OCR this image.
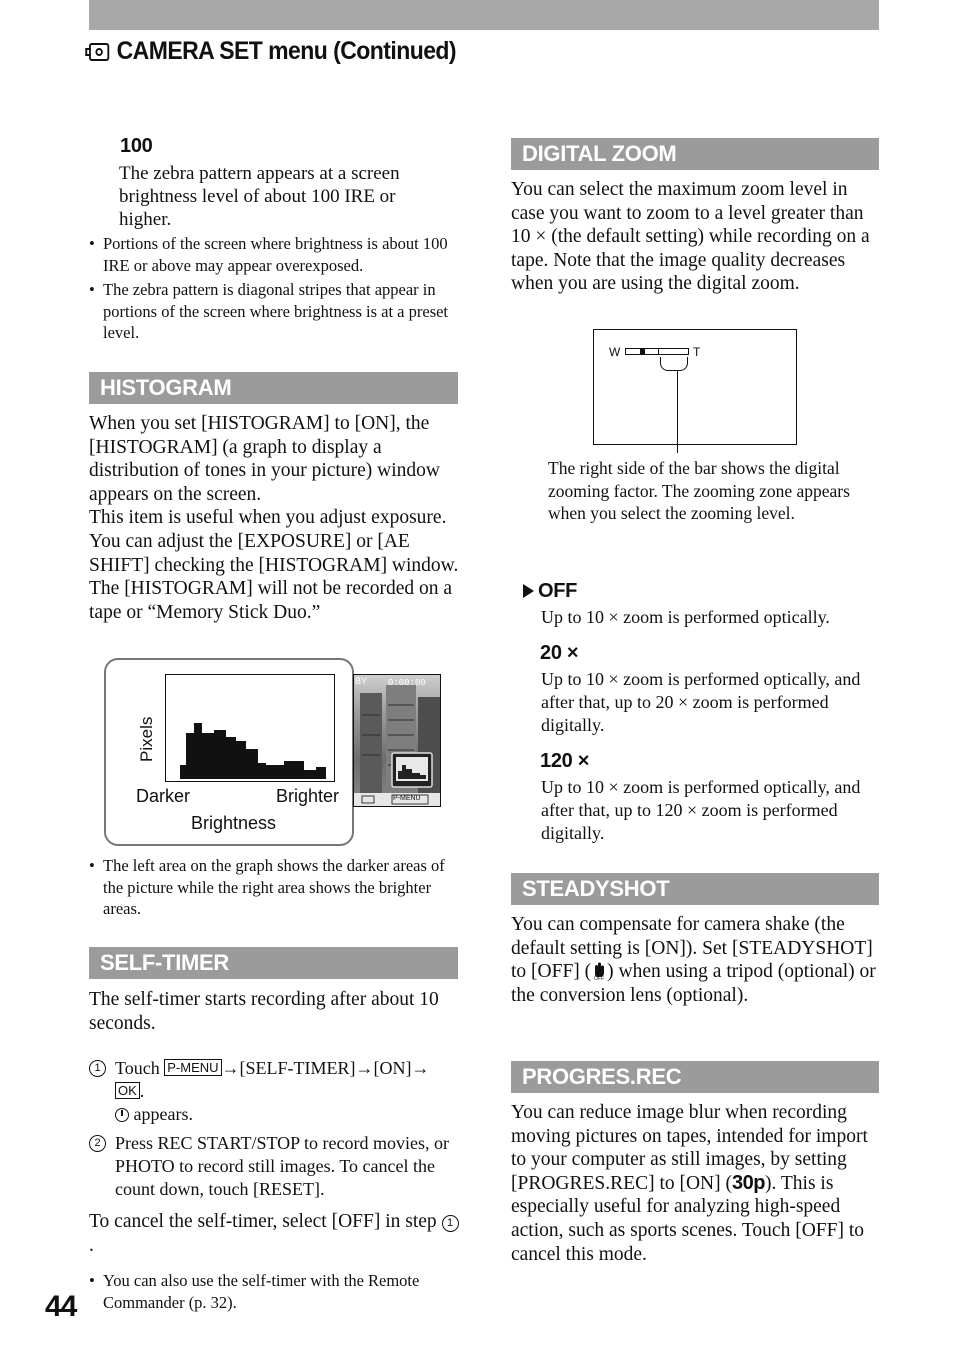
CAMERA SET menu (Continued)
100
The zebra pattern appears at a screen brightness level of about 100 IRE or higher.
• Portions of the screen where brightness is about 100 IRE or above may appear overexposed.
• The zebra pattern is diagonal stripes that appear in portions of the screen where brightness is at a preset level.
HISTOGRAM
When you set [HISTOGRAM] to [ON], the [HISTOGRAM] (a graph to display a distribution of tones in your picture) window appears on the screen.
This item is useful when you adjust exposure. You can adjust the [EXPOSURE] or [AE SHIFT] checking the [HISTOGRAM] window. The [HISTOGRAM] will not be recorded on a tape or “Memory Stick Duo.”
Pixels
Darker	Brighter
Brightness
BY 0:00:00
P-MENU
• The left area on the graph shows the darker areas of the picture while the right area shows the brighter areas.
SELF-TIMER
The self-timer starts recording after about 10 seconds.
1 Touch P-MENU →[SELF-TIMER]→[ON]→
OK .

appears.
2 Press REC START/STOP to record movies, or PHOTO to record still images. To cancel the count down, touch [RESET].
To cancel the self-timer, select [OFF] in step 1.
• You can also use the self-timer with the Remote Commander (p. 32).
DIGITAL ZOOM
You can select the maximum zoom level in case you want to zoom to a level greater than 10 × (the default setting) while recording on a tape. Note that the image quality decreases when you are using the digital zoom.
W	T
The right side of the bar shows the digital zooming factor. The zooming zone appears when you select the zooming level.
OFF
Up to 10 × zoom is performed optically.
20 ×
Up to 10 × zoom is performed optically, and after that, up to 20 × zoom is performed digitally.
120 ×
Up to 10 × zoom is performed optically, and after that, up to 120 × zoom is performed digitally.
STEADYSHOT
You can compensate for camera shake (the default setting is [ON]). Set [STEADYSHOT] to [OFF] ( OFF ) when using a tripod (optional) or the conversion lens (optional).
PROGRES.REC
You can reduce image blur when recording moving pictures on tapes, intended for import to your computer as still images, by setting [PROGRES.REC] to [ON] (30p). This is especially useful for analyzing high-speed action, such as sports scenes. Touch [OFF] to cancel this mode.
44
